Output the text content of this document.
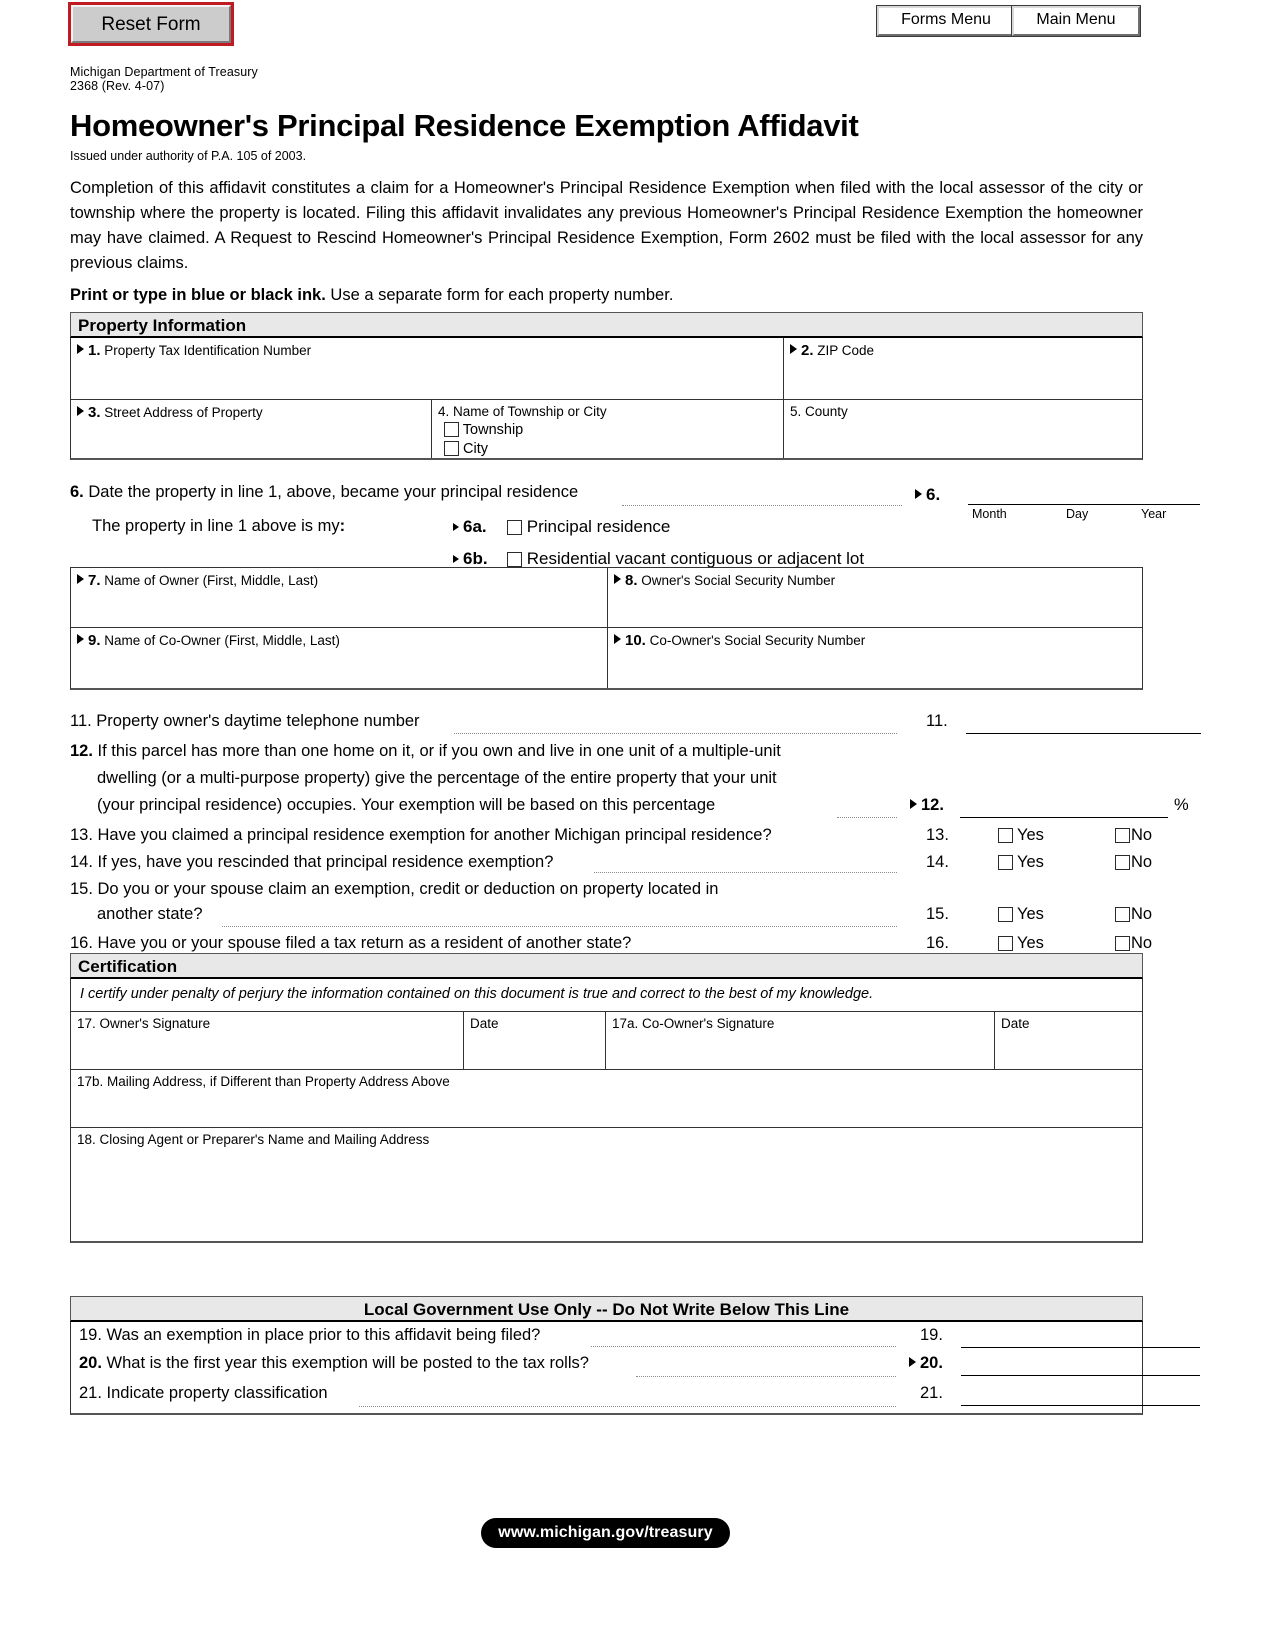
Reset Form	Forms Menu	Main Menu
Michigan Department of Treasury
2368 (Rev. 4-07)
Homeowner's Principal Residence Exemption Affidavit
Issued under authority of P.A. 105 of 2003.
Completion of this affidavit constitutes a claim for a Homeowner's Principal Residence Exemption when filed with the local assessor of the city or township where the property is located. Filing this affidavit invalidates any previous Homeowner's Principal Residence Exemption the homeowner may have claimed. A Request to Rescind Homeowner's Principal Residence Exemption, Form 2602 must be filed with the local assessor for any previous claims.
Print or type in blue or black ink. Use a separate form for each property number.
Property Information
1. Property Tax Identification Number	2. ZIP Code
3. Street Address of Property	4. Name of Township or City
Township
City
5. County
6. Date the property in line 1, above, became your principal residence	6.
Month	Day	Year
The property in line 1 above is my:	6a.	Principal residence
6b.	Residential vacant contiguous or adjacent lot
7. Name of Owner (First, Middle, Last)	8. Owner's Social Security Number
9. Name of Co-Owner (First, Middle, Last)	10. Co-Owner's Social Security Number
11. Property owner's daytime telephone number	11.
12. If this parcel has more than one home on it, or if you own and live in one unit of a multiple-unit
dwelling (or a multi-purpose property) give the percentage of the entire property that your unit
(your principal residence) occupies. Your exemption will be based on this percentage	12.	%
13. Have you claimed a principal residence exemption for another Michigan principal residence?	13.	Yes	No
14. If yes, have you rescinded that principal residence exemption?	14.	Yes	No
15. Do you or your spouse claim an exemption, credit or deduction on property located in
another state?	15.	Yes	No
16. Have you or your spouse filed a tax return as a resident of another state?	16.	Yes	No
Certification
I certify under penalty of perjury the information contained on this document is true and correct to the best of my knowledge.
17. Owner's Signature	Date	17a. Co-Owner's Signature	Date
17b. Mailing Address, if Different than Property Address Above
18. Closing Agent or Preparer's Name and Mailing Address
Local Government Use Only -- Do Not Write Below This Line
19. Was an exemption in place prior to this affidavit being filed?	19.
20. What is the first year this exemption will be posted to the tax rolls?	20.
21. Indicate property classification	21.
www.michigan.gov/treasury
